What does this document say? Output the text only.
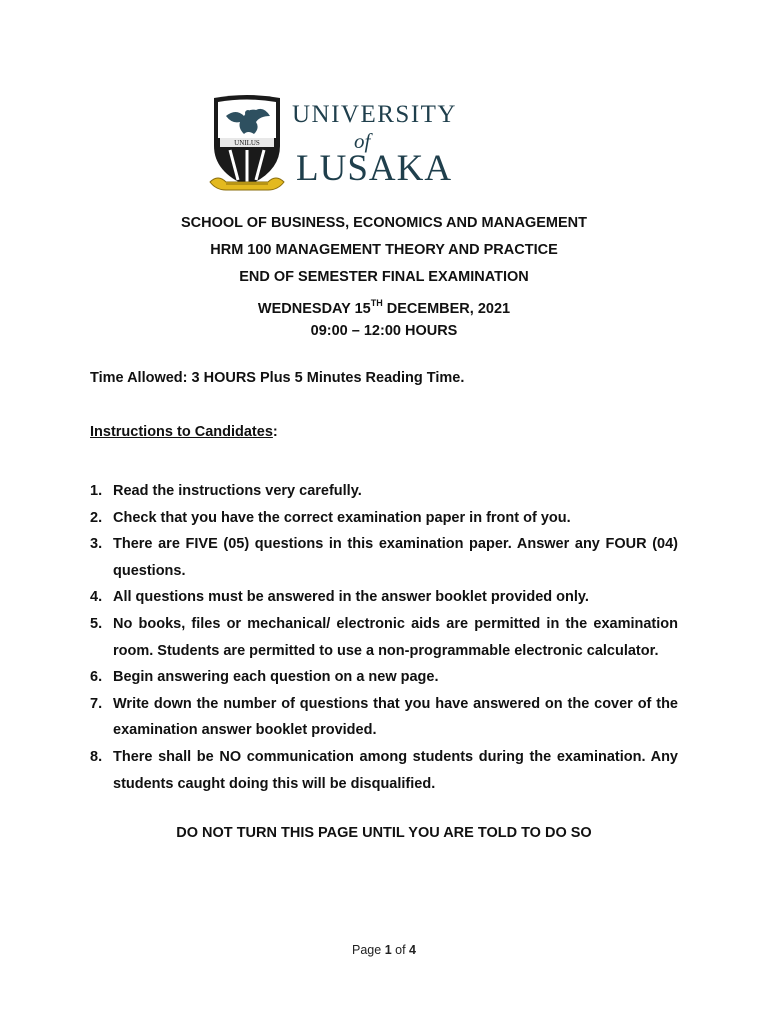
UNILUS
UNIVERSITY
of
LUSAKA
SCHOOL OF BUSINESS, ECONOMICS AND MANAGEMENT
HRM 100 MANAGEMENT THEORY AND PRACTICE
END OF SEMESTER FINAL EXAMINATION
WEDNESDAY 15TH DECEMBER, 2021
09:00 – 12:00 HOURS
Time Allowed: 3 HOURS Plus 5 Minutes Reading Time.
Instructions to Candidates:
1. Read the instructions very carefully.
2. Check that you have the correct examination paper in front of you.
3. There are FIVE (05) questions in this examination paper. Answer any FOUR (04) questions.
4. All questions must be answered in the answer booklet provided only.
5. No books, files or mechanical/ electronic aids are permitted in the examination room. Students are permitted to use a non-programmable electronic calculator.
6. Begin answering each question on a new page.
7. Write down the number of questions that you have answered on the cover of the examination answer booklet provided.
8. There shall be NO communication among students during the examination. Any students caught doing this will be disqualified.
DO NOT TURN THIS PAGE UNTIL YOU ARE TOLD TO DO SO
Page 1 of 4
